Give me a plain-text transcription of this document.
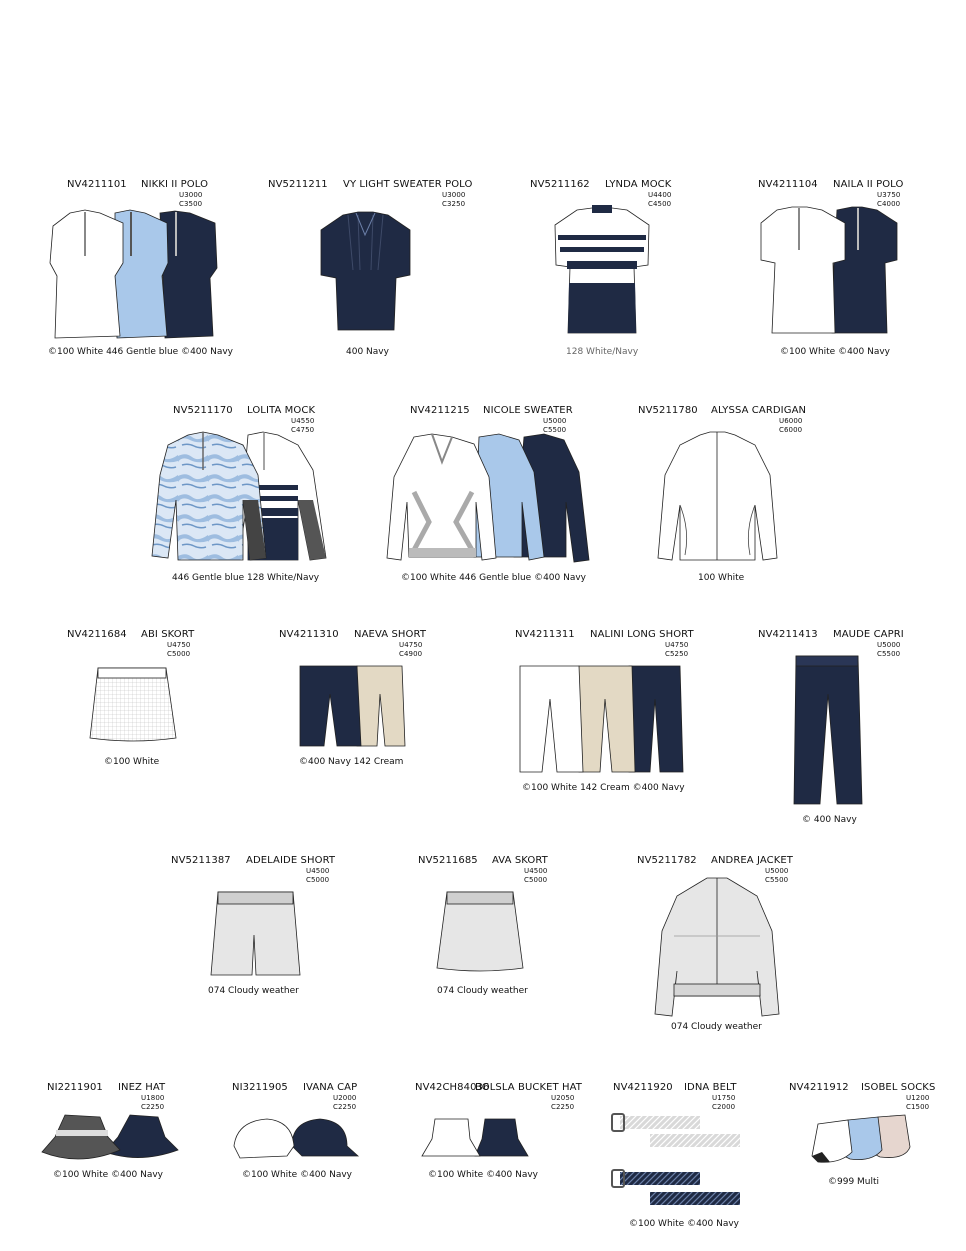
NV4211101 NIKKI II POLO
U3000
C3500
©100 White 446 Gentle blue ©400 Navy
NV5211211 VY LIGHT SWEATER POLO
U3000
C3250
400 Navy
NV5211162 LYNDA MOCK
U4400
C4500
128 White/Navy
NV4211104 NAILA II POLO
U3750
C4000
©100 White ©400 Navy
NV5211170 LOLITA MOCK
U4550
C4750
446 Gentle blue 128 White/Navy
NV4211215 NICOLE SWEATER
U5000
C5500
©100 White 446 Gentle blue ©400 Navy
NV5211780 ALYSSA CARDIGAN
U6000
C6000
100 White
NV4211684 ABI SKORT
U4750
C5000
©100 White
NV4211310 NAEVA SHORT
U4750
C4900
©400 Navy 142 Cream
NV4211311 NALINI LONG SHORT
U4750
C5250
©100 White 142 Cream ©400 Navy
NV4211413 MAUDE CAPRI
U5000
C5500
© 400 Navy
NV5211387 ADELAIDE SHORT
U4500
C5000
074 Cloudy weather
NV5211685 AVA SKORT
U4500
C5000
074 Cloudy weather
NV5211782 ANDREA JACKET
U5000
C5500
074 Cloudy weather
NI2211901 INEZ HAT
U1800
C2250
©100 White ©400 Navy
NI3211905 IVANA CAP
U2000
C2250
©100 White ©400 Navy
NV42CH84036
BOLSLA BUCKET HAT
U2050
C2250
©100 White ©400 Navy
NV4211920 IDNA BELT
U1750
C2000
©100 White ©400 Navy
NV4211912 ISOBEL SOCKS
U1200
C1500
©999 Multi
